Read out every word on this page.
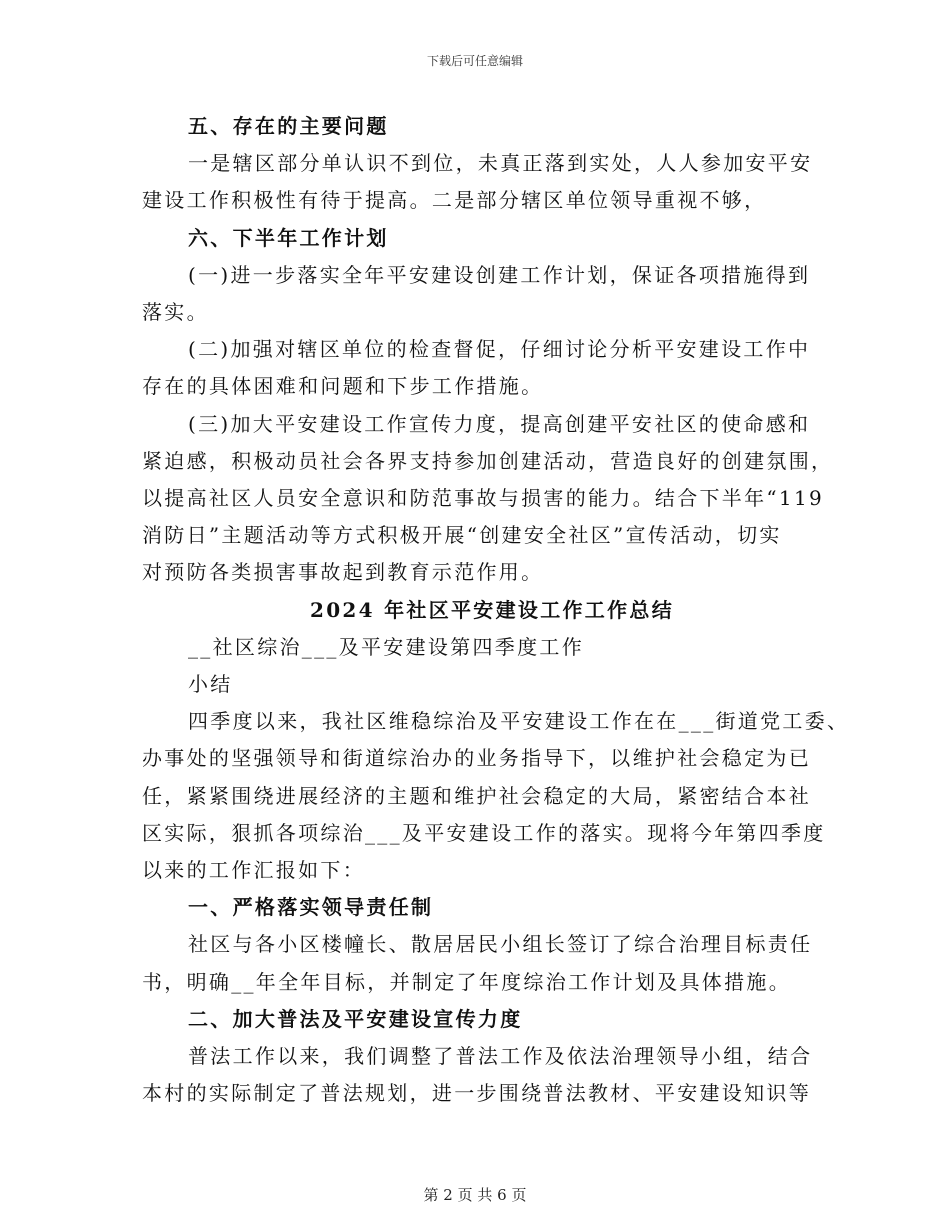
下载后可任意编辑

五、存在的主要问题

一是辖区部分单认识不到位，未真正落到实处，人人参加安平安

建设工作积极性有待于提高。二是部分辖区单位领导重视不够，

六、下半年工作计划

(一)进一步落实全年平安建设创建工作计划，保证各项措施得到

落实。

(二)加强对辖区单位的检查督促，仔细讨论分析平安建设工作中

存在的具体困难和问题和下步工作措施。

(三)加大平安建设工作宣传力度，提高创建平安社区的使命感和

紧迫感，积极动员社会各界支持参加创建活动，营造良好的创建氛围，

以提高社区人员安全意识和防范事故与损害的能力。结合下半年“119

消防日”主题活动等方式积极开展“创建安全社区”宣传活动，切实

对预防各类损害事故起到教育示范作用。

2024 年社区平安建设工作工作总结

__社区综治___及平安建设第四季度工作

小结

四季度以来，我社区维稳综治及平安建设工作在在___街道党工委、

办事处的坚强领导和街道综治办的业务指导下，以维护社会稳定为已

任，紧紧围绕进展经济的主题和维护社会稳定的大局，紧密结合本社

区实际，狠抓各项综治___及平安建设工作的落实。现将今年第四季度

以来的工作汇报如下：

一、严格落实领导责任制

社区与各小区楼幢长、散居居民小组长签订了综合治理目标责任

书，明确__年全年目标，并制定了年度综治工作计划及具体措施。

二、加大普法及平安建设宣传力度

普法工作以来，我们调整了普法工作及依法治理领导小组，结合

本村的实际制定了普法规划，进一步围绕普法教材、平安建设知识等

第 2 页 共 6 页
